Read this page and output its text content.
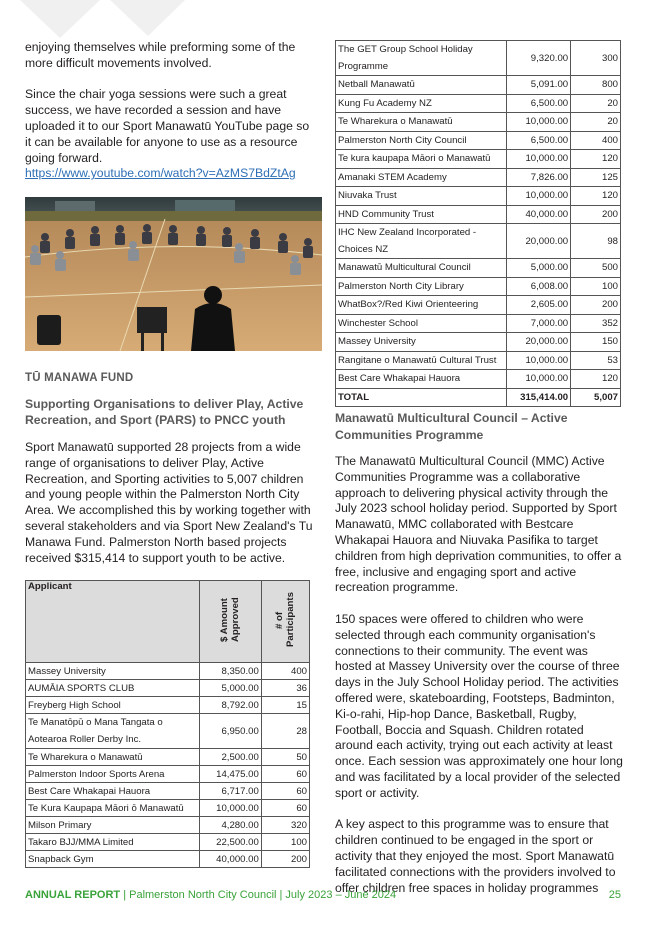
enjoying themselves while preforming some of the more difficult movements involved.

Since the chair yoga sessions were such a great success, we have recorded a session and have uploaded it to our Sport Manawatū YouTube page so it can be available for anyone to use as a resource going forward.

https://www.youtube.com/watch?v=AzMS7BdZtAg
TŪ MANAWA FUND
Supporting Organisations to deliver Play, Active Recreation, and Sport (PARS) to PNCC youth

Sport Manawatū supported 28 projects from a wide range of organisations to deliver Play, Active Recreation, and Sporting activities to 5,007 children and young people within the Palmerston North City Area. We accomplished this by working together with several stakeholders and via Sport New Zealand's Tu Manawa Fund. Palmerston North based projects received $315,414 to support youth to be active.

Applicant	$ Amount Approved	# of Participants
Massey University	8,350.00	400
AUMĀIA SPORTS CLUB	5,000.00	36
Freyberg High School	8,792.00	15
Te Manatōpū o Mana Tangata o Aotearoa Roller Derby Inc.	6,950.00	28
Te Wharekura o Manawatū	2,500.00	50
Palmerston Indoor Sports Arena	14,475.00	60
Best Care Whakapai Hauora	6,717.00	60
Te Kura Kaupapa Māori ō Manawatū	10,000.00	60
Milson Primary	4,280.00	320
Takaro BJJ/MMA Limited	22,500.00	100
Snapback Gym	40,000.00	200
The GET Group School Holiday Programme	9,320.00	300
Netball Manawatū	5,091.00	800
Kung Fu Academy NZ	6,500.00	20
Te Wharekura o Manawatū	10,000.00	20
Palmerston North City Council	6,500.00	400
Te kura kaupapa Māori o Manawatū	10,000.00	120
Amanaki STEM Academy	7,826.00	125
Niuvaka Trust	10,000.00	120
HND Community Trust	40,000.00	200
IHC New Zealand Incorporated - Choices NZ	20,000.00	98
Manawatū Multicultural Council	5,000.00	500
Palmerston North City Library	6,008.00	100
WhatBox?/Red Kiwi Orienteering	2,605.00	200
Winchester School	7,000.00	352
Massey University	20,000.00	150
Rangitane o Manawatū Cultural Trust	10,000.00	53
Best Care Whakapai Hauora	10,000.00	120
TOTAL	315,414.00	5,007
Manawatū Multicultural Council – Active Communities Programme

The Manawatū Multicultural Council (MMC) Active Communities Programme was a collaborative approach to delivering physical activity through the July 2023 school holiday period. Supported by Sport Manawatū, MMC collaborated with Bestcare Whakapai Hauora and Niuvaka Pasifika to target children from high deprivation communities, to offer a free, inclusive and engaging sport and active recreation programme.

150 spaces were offered to children who were selected through each community organisation's connections to their community. The event was hosted at Massey University over the course of three days in the July School Holiday period. The activities offered were, skateboarding, Footsteps, Badminton, Ki-o-rahi, Hip-hop Dance, Basketball, Rugby, Football, Boccia and Squash. Children rotated around each activity, trying out each activity at least once. Each session was approximately one hour long and was facilitated by a local provider of the selected sport or activity.

A key aspect to this programme was to ensure that children continued to be engaged in the sport or activity that they enjoyed the most. Sport Manawatū facilitated connections with the providers involved to offer children free spaces in holiday programmes

ANNUAL REPORT | Palmerston North City Council | July 2023 – June 2024	25
